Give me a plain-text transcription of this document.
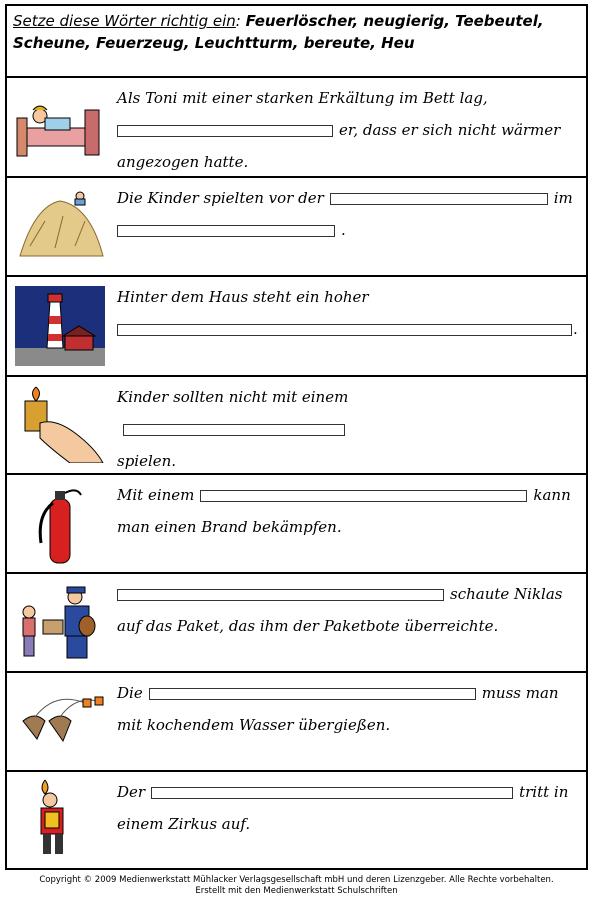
Setze diese Wörter richtig ein: Feuerlöscher, neugierig, Teebeutel, Scheune, Feuerzeug, Leuchtturm, bereute, Heu
Als Toni mit einer starken Erkältung im Bett lag,
er, dass er sich nicht wärmer angezogen hatte.
Die Kinder spielten vor der	im
.
Hinter dem Haus steht ein hoher
.
Kinder sollten nicht mit einem
spielen.
Mit einem	kann man einen Brand bekämpfen.
schaute Niklas auf das Paket, das ihm der Paketbote überreichte.
Die	muss man mit kochendem Wasser übergießen.
Der	tritt in einem Zirkus auf.
Copyright © 2009 Medienwerkstatt Mühlacker Verlagsgesellschaft mbH und deren Lizenzgeber. Alle Rechte vorbehalten.
Erstellt mit den Medienwerkstatt Schulschriften
